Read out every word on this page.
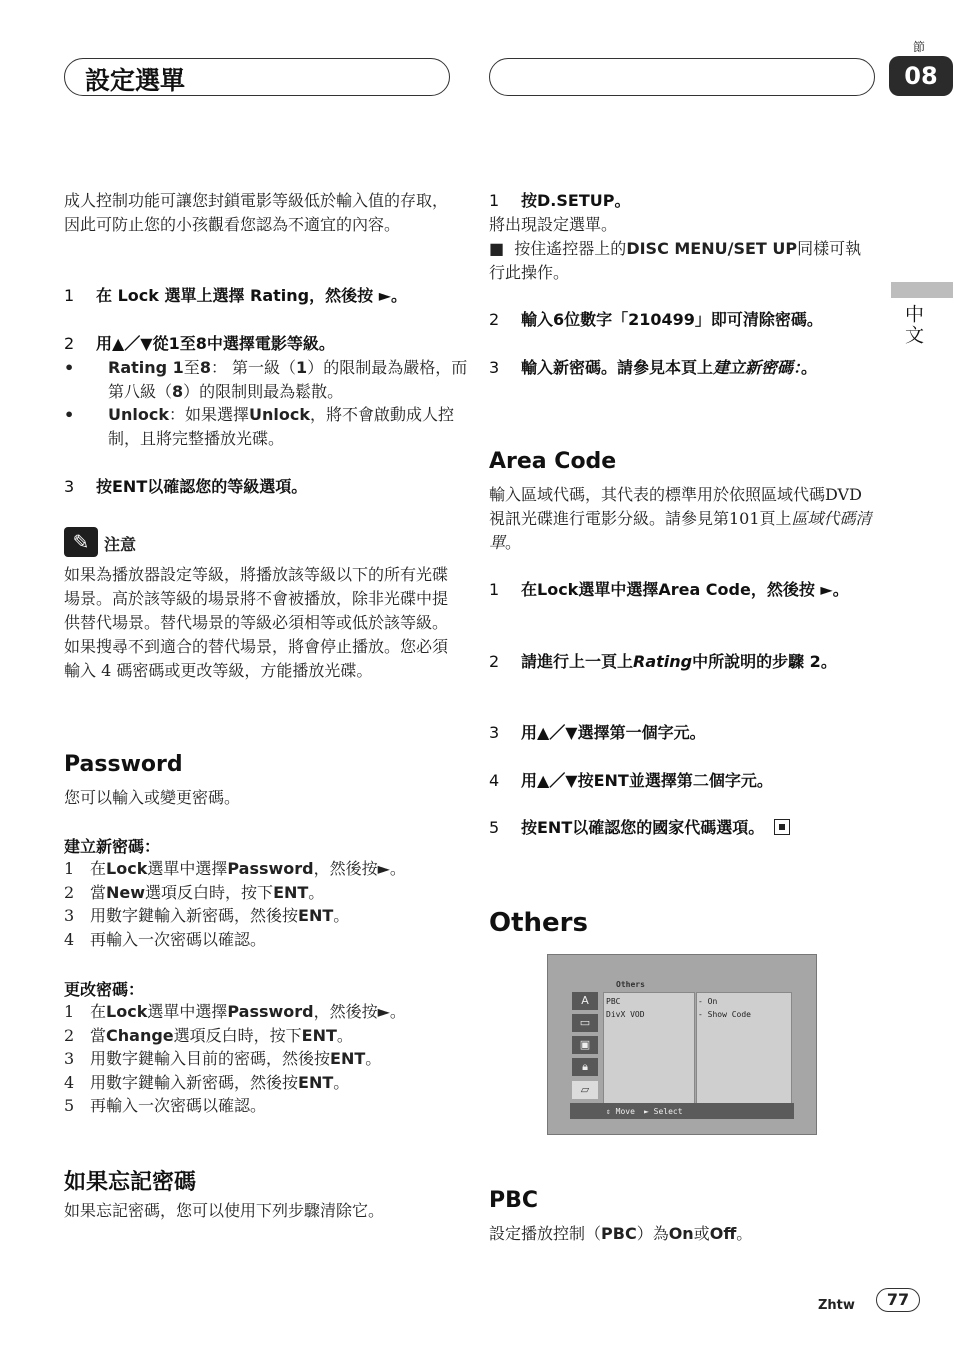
設定選單
節
08
中文
成人控制功能可讓您封鎖電影等級低於輸入值的存取，因此可防止您的小孩觀看您認為不適宜的內容。
1 在 Lock 選單上選擇 Rating，然後按 ►。
2 用▲／▼從1至8中選擇電影等級。
• Rating 1至8： 第一級（1）的限制最為嚴格，而第八級（8）的限制則最為鬆散。
• Unlock：如果選擇Unlock，將不會啟動成人控制，且將完整播放光碟。
3 按ENT以確認您的等級選項。
✎ 注意
如果為播放器設定等級，將播放該等級以下的所有光碟場景。高於該等級的場景將不會被播放，除非光碟中提供替代場景。替代場景的等級必須相等或低於該等級。如果搜尋不到適合的替代場景，將會停止播放。您必須輸入 4 碼密碼或更改等級，方能播放光碟。
Password
您可以輸入或變更密碼。
建立新密碼：
1 在Lock選單中選擇Password，然後按►。
2 當New選項反白時，按下ENT。
3 用數字鍵輸入新密碼，然後按ENT。
4 再輸入一次密碼以確認。
更改密碼：
1 在Lock選單中選擇Password，然後按►。
2 當Change選項反白時，按下ENT。
3 用數字鍵輸入目前的密碼，然後按ENT。
4 用數字鍵輸入新密碼，然後按ENT。
5 再輸入一次密碼以確認。
如果忘記密碼
如果忘記密碼，您可以使用下列步驟清除它。
1 按D.SETUP。
將出現設定選單。
■ 按住遙控器上的DISC MENU/SET UP同樣可執行此操作。
2 輸入6位數字「210499」即可清除密碼。
3 輸入新密碼。請參見本頁上建立新密碼：。
Area Code
輸入區域代碼，其代表的標準用於依照區域代碼DVD視訊光碟進行電影分級。請參見第101頁上區域代碼清單。
1 在Lock選單中選擇Area Code，然後按 ►。
2 請進行上一頁上Rating中所說明的步驟 2。
3 用▲／▼選擇第一個字元。
4 用▲／▼按ENT並選擇第二個字元。
5 按ENT以確認您的國家代碼選項。
Others
Others
A
▭
▣
🔒︎
▱
PBC
DivX VOD
- On
- Show Code
⇕ Move ► Select
PBC
設定播放控制（PBC）為On或Off。
Zhtw	77
